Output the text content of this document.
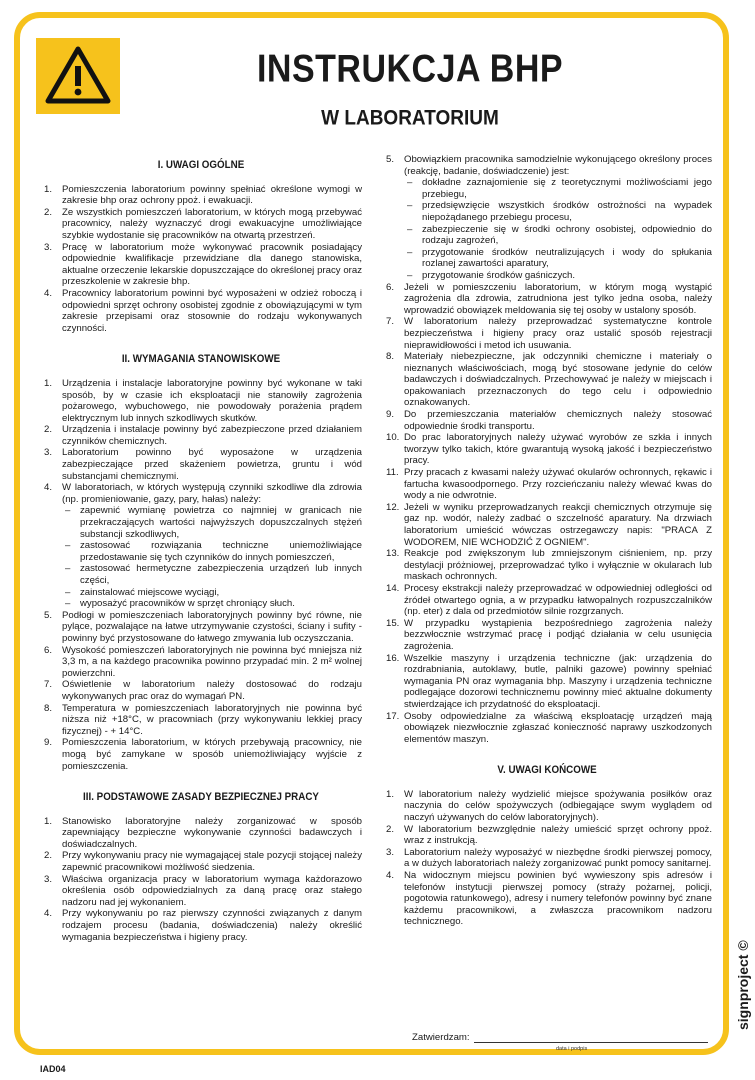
INSTRUKCJA BHP
W LABORATORIUM
I. UWAGI OGÓLNE
1. Pomieszczenia laboratorium powinny spełniać określone wymogi w zakresie bhp oraz ochrony ppoż. i ewakuacji.
2. Ze wszystkich pomieszczeń laboratorium, w których mogą przebywać pracownicy, należy wyznaczyć drogi ewakuacyjne umożliwiające szybkie wydostanie się pracowników na otwartą przestrzeń.
3. Pracę w laboratorium może wykonywać pracownik posiadający odpowiednie kwalifikacje przewidziane dla danego stanowiska, aktualne orzeczenie lekarskie dopuszczające do określonej pracy oraz przeszkolenie w zakresie bhp.
4. Pracownicy laboratorium powinni być wyposażeni w odzież roboczą i odpowiedni sprzęt ochrony osobistej zgodnie z obowiązującymi w tym zakresie przepisami oraz stosownie do rodzaju wykonywanych czynności.
II. WYMAGANIA STANOWISKOWE
1. Urządzenia i instalacje laboratoryjne powinny być wykonane w taki sposób, by w czasie ich eksploatacji nie stanowiły zagrożenia pożarowego, wybuchowego, nie powodowały porażenia prądem elektrycznym lub innych szkodliwych skutków.
2. Urządzenia i instalacje powinny być zabezpieczone przed działaniem czynników chemicznych.
3. Laboratorium powinno być wyposażone w urządzenia zabezpieczające przed skażeniem powietrza, gruntu i wód substancjami chemicznymi.
4. W laboratoriach, w których występują czynniki szkodliwe dla zdrowia (np. promieniowanie, gazy, pary, hałas) należy:
– zapewnić wymianę powietrza co najmniej w granicach nie przekraczających wartości najwyższych dopuszczalnych stężeń substancji szkodliwych,
– zastosować rozwiązania techniczne uniemożliwiające przedostawanie się tych czynników do innych pomieszczeń,
– zastosować hermetyczne zabezpieczenia urządzeń lub innych części,
– zainstalować miejscowe wyciągi,
– wyposażyć pracowników w sprzęt chroniący słuch.
5. Podłogi w pomieszczeniach laboratoryjnych powinny być równe, nie pylące, pozwalające na łatwe utrzymywanie czystości, ściany i sufity - powinny być przystosowane do łatwego zmywania lub oczyszczania.
6. Wysokość pomieszczeń laboratoryjnych nie powinna być mniejsza niż 3,3 m, a na każdego pracownika powinno przypadać min. 2 m² wolnej powierzchni.
7. Oświetlenie w laboratorium należy dostosować do rodzaju wykonywanych prac oraz do wymagań PN.
8. Temperatura w pomieszczeniach laboratoryjnych nie powinna być niższa niż +18°C, w pracowniach (przy wykonywaniu lekkiej pracy fizycznej) - + 14°C.
9. Pomieszczenia laboratorium, w których przebywają pracownicy, nie mogą być zamykane w sposób uniemożliwiający wyjście z pomieszczenia.
III. PODSTAWOWE ZASADY BEZPIECZNEJ PRACY
1. Stanowisko laboratoryjne należy zorganizować w sposób zapewniający bezpieczne wykonywanie czynności badawczych i doświadczalnych.
2. Przy wykonywaniu pracy nie wymagającej stale pozycji stojącej należy zapewnić pracownikowi możliwość siedzenia.
3. Właściwa organizacja pracy w laboratorium wymaga każdorazowo określenia osób odpowiedzialnych za daną pracę oraz stałego nadzoru nad jej wykonaniem.
4. Przy wykonywaniu po raz pierwszy czynności związanych z danym rodzajem procesu (badania, doświadczenia) należy określić wymagania bezpieczeństwa i higieny pracy.
5. Obowiązkiem pracownika samodzielnie wykonującego określony proces (reakcję, badanie, doświadczenie) jest:
– dokładne zaznajomienie się z teoretycznymi możliwościami jego przebiegu,
– przedsięwzięcie wszystkich środków ostrożności na wypadek niepożądanego przebiegu procesu,
– zabezpieczenie się w środki ochrony osobistej, odpowiednio do rodzaju zagrożeń,
– przygotowanie środków neutralizujących i wody do spłukania rozlanej zawartości aparatury,
– przygotowanie środków gaśniczych.
6. Jeżeli w pomieszczeniu laboratorium, w którym mogą wystąpić zagrożenia dla zdrowia, zatrudniona jest tylko jedna osoba, należy wprowadzić obowiązek meldowania się tej osoby w ustalony sposób.
7. W laboratorium należy przeprowadzać systematyczne kontrole bezpieczeństwa i higieny pracy oraz ustalić sposób rejestracji nieprawidłowości i metod ich usuwania.
8. Materiały niebezpieczne, jak odczynniki chemiczne i materiały o nieznanych właściwościach, mogą być stosowane jedynie do celów badawczych i doświadczalnych. Przechowywać je należy w miejscach i opakowaniach przeznaczonych do tego celu i odpowiednio oznakowanych.
9. Do przemieszczania materiałów chemicznych należy stosować odpowiednie środki transportu.
10. Do prac laboratoryjnych należy używać wyrobów ze szkła i innych tworzyw tylko takich, które gwarantują wysoką jakość i bezpieczeństwo pracy.
11. Przy pracach z kwasami należy używać okularów ochronnych, rękawic i fartucha kwasoodpornego. Przy rozcieńczaniu należy wlewać kwas do wody a nie odwrotnie.
12. Jeżeli w wyniku przeprowadzanych reakcji chemicznych otrzymuje się gaz np. wodór, należy zadbać o szczelność aparatury. Na drzwiach laboratorium umieścić wówczas ostrzegawczy napis: "PRACA Z WODOREM, NIE WCHODZIĆ Z OGNIEM".
13. Reakcje pod zwiększonym lub zmniejszonym ciśnieniem, np. przy destylacji próżniowej, przeprowadzać tylko i wyłącznie w okularach lub maskach ochronnych.
14. Procesy ekstrakcji należy przeprowadzać w odpowiedniej odległości od źródeł otwartego ognia, a w przypadku łatwopalnych rozpuszczalników (np. eter) z dala od przedmiotów silnie rozgrzanych.
15. W przypadku wystąpienia bezpośredniego zagrożenia należy bezzwłocznie wstrzymać pracę i podjąć działania w celu usunięcia zagrożenia.
16. Wszelkie maszyny i urządzenia techniczne (jak: urządzenia do rozdrabniania, autoklawy, butle, palniki gazowe) powinny spełniać wymagania PN oraz wymagania bhp. Maszyny i urządzenia techniczne podlegające dozorowi technicznemu powinny mieć aktualne dokumenty stwierdzające ich przydatność do eksploatacji.
17. Osoby odpowiedzialne za właściwą eksploatację urządzeń mają obowiązek niezwłocznie zgłaszać konieczność naprawy uszkodzonych elementów maszyn.
V. UWAGI KOŃCOWE
1. W laboratorium należy wydzielić miejsce spożywania posiłków oraz naczynia do celów spożywczych (odbiegające swym wyglądem od naczyń używanych do celów laboratoryjnych).
2. W laboratorium bezwzględnie należy umieścić sprzęt ochrony ppoż. wraz z instrukcją.
3. Laboratorium należy wyposażyć w niezbędne środki pierwszej pomocy, a w dużych laboratoriach należy zorganizować punkt pomocy sanitarnej.
4. Na widocznym miejscu powinien być wywieszony spis adresów i telefonów instytucji pierwszej pomocy (straży pożarnej, policji, pogotowia ratunkowego), adresy i numery telefonów powinny być znane każdemu pracownikowi, a zwłaszcza pracownikom nadzoru technicznego.
Zatwierdzam:
data i podpis
IAD04
signproject ©
